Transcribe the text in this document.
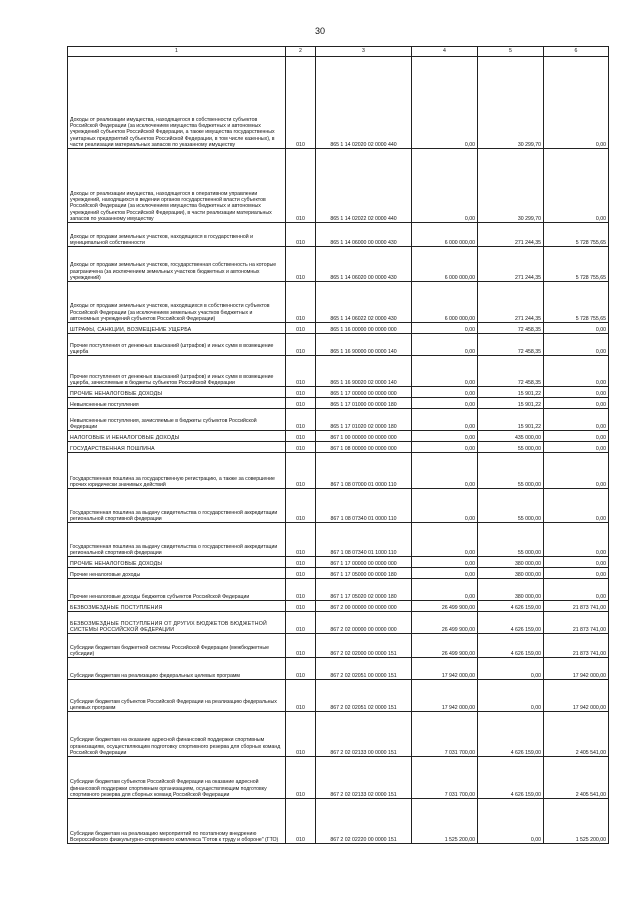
30
1	2	3	4	5	6
Доходы от реализации имущества, находящегося в собственности субъектов Российской Федерации (за исключением имущества бюджетных и автономных учреждений субъектов Российской Федерации, а также имущества государственных унитарных предприятий субъектов Российской Федерации, в том числе казенных), в части реализации материальных запасов по указанному имуществу	010	865 1 14 02020 02 0000 440	0,00	30 299,70	0,00
Доходы от реализации имущества, находящегося в оперативном управлении учреждений, находящихся в ведении органов государственной власти субъектов Российской Федерации (за исключением имущества бюджетных и автономных учреждений субъектов Российской Федерации), в части реализации материальных запасов по указанному имуществу	010	865 1 14 02022 02 0000 440	0,00	30 299,70	0,00
Доходы от продажи земельных участков, находящихся в государственной и муниципальной собственности	010	865 1 14 06000 00 0000 430	6 000 000,00	271 244,35	5 728 755,65
Доходы от продажи земельных участков, государственная собственность на которые разграничена (за исключением земельных участков бюджетных и автономных учреждений)	010	865 1 14 06020 00 0000 430	6 000 000,00	271 244,35	5 728 755,65
Доходы от продажи земельных участков, находящихся в собственности субъектов Российской Федерации (за исключением земельных участков бюджетных и автономных учреждений субъектов Российской Федерации)	010	865 1 14 06022 02 0000 430	6 000 000,00	271 244,35	5 728 755,65
ШТРАФЫ, САНКЦИИ, ВОЗМЕЩЕНИЕ УЩЕРБА	010	865 1 16 00000 00 0000 000	0,00	72 458,35	0,00
Прочие поступления от денежных взысканий (штрафов) и иных сумм в возмещение ущерба	010	865 1 16 90000 00 0000 140	0,00	72 458,35	0,00
Прочие поступления от денежных взысканий (штрафов) и иных сумм в возмещение ущерба, зачисляемые в бюджеты субъектов Российской Федерации	010	865 1 16 90020 02 0000 140	0,00	72 458,35	0,00
ПРОЧИЕ НЕНАЛОГОВЫЕ ДОХОДЫ	010	865 1 17 00000 00 0000 000	0,00	15 901,22	0,00
Невыясненные поступления	010	865 1 17 01000 00 0000 180	0,00	15 901,22	0,00
Невыясненные поступления, зачисляемые в бюджеты субъектов Российской Федерации	010	865 1 17 01020 02 0000 180	0,00	15 901,22	0,00
НАЛОГОВЫЕ И НЕНАЛОГОВЫЕ ДОХОДЫ	010	867 1 00 00000 00 0000 000	0,00	435 000,00	0,00
ГОСУДАРСТВЕННАЯ ПОШЛИНА	010	867 1 08 00000 00 0000 000	0,00	55 000,00	0,00
Государственная пошлина за государственную регистрацию, а также за совершение прочих юридически значимых действий	010	867 1 08 07000 01 0000 110	0,00	55 000,00	0,00
Государственная пошлина за выдачу свидетельства о государственной аккредитации региональной спортивной федерации	010	867 1 08 07340 01 0000 110	0,00	55 000,00	0,00
Государственная пошлина за выдачу свидетельства о государственной аккредитации региональной спортивной федерации	010	867 1 08 07340 01 1000 110	0,00	55 000,00	0,00
ПРОЧИЕ НЕНАЛОГОВЫЕ ДОХОДЫ	010	867 1 17 00000 00 0000 000	0,00	380 000,00	0,00
Прочие неналоговые доходы	010	867 1 17 05000 00 0000 180	0,00	380 000,00	0,00
Прочие неналоговые доходы бюджетов субъектов Российской Федерации	010	867 1 17 05020 02 0000 180	0,00	380 000,00	0,00
БЕЗВОЗМЕЗДНЫЕ ПОСТУПЛЕНИЯ	010	867 2 00 00000 00 0000 000	26 499 900,00	4 626 159,00	21 873 741,00
БЕЗВОЗМЕЗДНЫЕ ПОСТУПЛЕНИЯ ОТ ДРУГИХ БЮДЖЕТОВ БЮДЖЕТНОЙ СИСТЕМЫ РОССИЙСКОЙ ФЕДЕРАЦИИ	010	867 2 02 00000 00 0000 000	26 499 900,00	4 626 159,00	21 873 741,00
Субсидии бюджетам бюджетной системы Российской Федерации (межбюджетные субсидии)	010	867 2 02 02000 00 0000 151	26 499 900,00	4 626 159,00	21 873 741,00
Субсидии бюджетам на реализацию федеральных целевых программ	010	867 2 02 02051 00 0000 151	17 942 000,00	0,00	17 942 000,00
Субсидии бюджетам субъектов Российской Федерации на реализацию федеральных целевых программ	010	867 2 02 02051 02 0000 151	17 942 000,00	0,00	17 942 000,00
Субсидии бюджетам на оказание адресной финансовой поддержки спортивным организациям, осуществляющим подготовку спортивного резерва для сборных команд Российской Федерации	010	867 2 02 02133 00 0000 151	7 031 700,00	4 626 159,00	2 405 541,00
Субсидии бюджетам субъектов Российской Федерации на оказание адресной финансовой поддержки спортивным организациям, осуществляющим подготовку спортивного резерва для сборных команд Российской Федерации	010	867 2 02 02133 02 0000 151	7 031 700,00	4 626 159,00	2 405 541,00
Субсидии бюджетам на реализацию мероприятий по поэтапному внедрению Всероссийского физкультурно-спортивного комплекса "Готов к труду и обороне" (ГТО)	010	867 2 02 02220 00 0000 151	1 525 200,00	0,00	1 525 200,00
